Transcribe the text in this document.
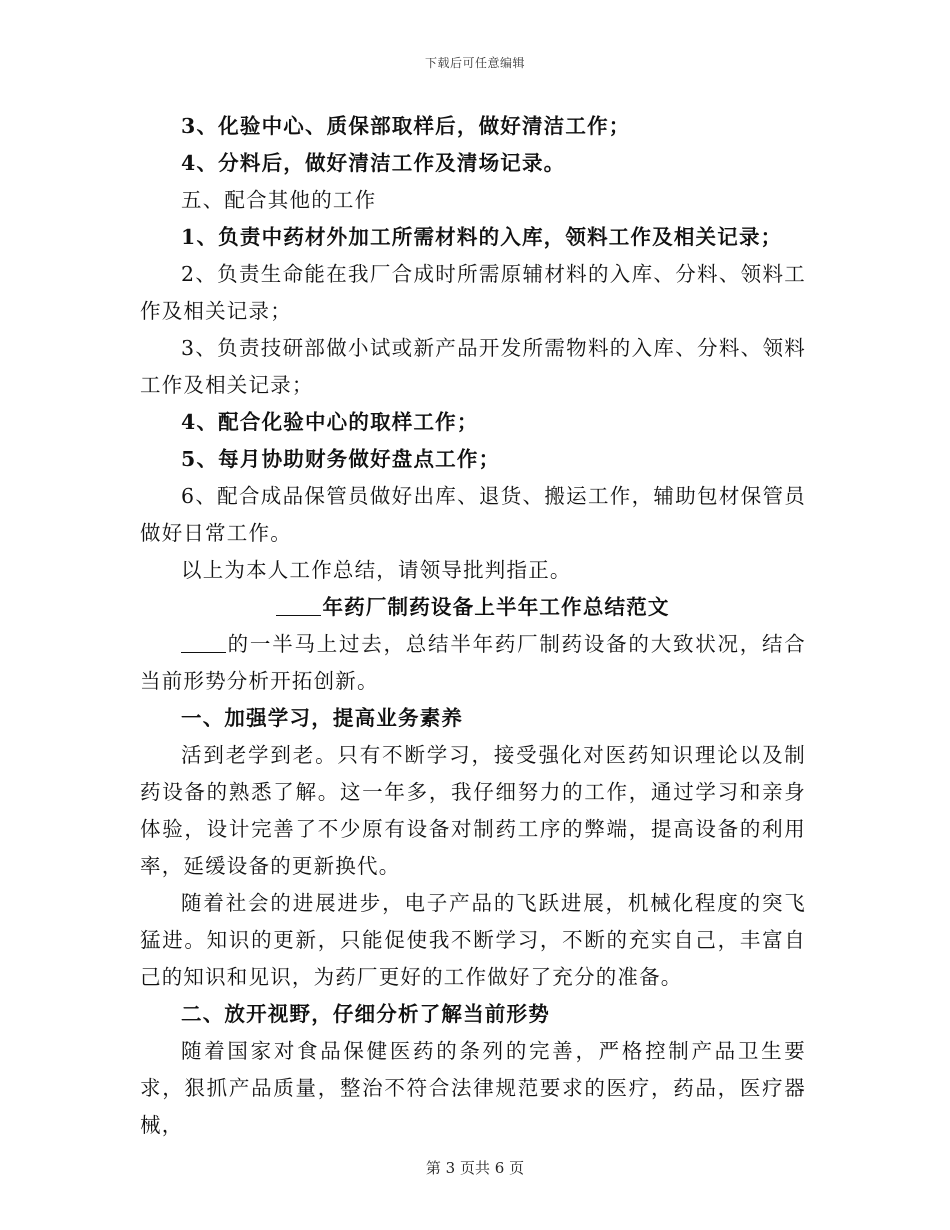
下载后可任意编辑

3、化验中心、质保部取样后，做好清洁工作；

4、分料后，做好清洁工作及清场记录。

五、配合其他的工作

1、负责中药材外加工所需材料的入库，领料工作及相关记录；

2、负责生命能在我厂合成时所需原辅材料的入库、分料、领料工作及相关记录；

3、负责技研部做小试或新产品开发所需物料的入库、分料、领料工作及相关记录；

4、配合化验中心的取样工作；

5、每月协助财务做好盘点工作；

6、配合成品保管员做好出库、退货、搬运工作，辅助包材保管员做好日常工作。

以上为本人工作总结，请领导批判指正。

年药厂制药设备上半年工作总结范文

的一半马上过去，总结半年药厂制药设备的大致状况，结合当前形势分析开拓创新。

一、加强学习，提高业务素养

活到老学到老。只有不断学习，接受强化对医药知识理论以及制药设备的熟悉了解。这一年多，我仔细努力的工作，通过学习和亲身体验，设计完善了不少原有设备对制药工序的弊端，提高设备的利用率，延缓设备的更新换代。

随着社会的进展进步，电子产品的飞跃进展，机械化程度的突飞猛进。知识的更新，只能促使我不断学习，不断的充实自己，丰富自己的知识和见识，为药厂更好的工作做好了充分的准备。

二、放开视野，仔细分析了解当前形势

随着国家对食品保健医药的条列的完善，严格控制产品卫生要求，狠抓产品质量，整治不符合法律规范要求的医疗，药品，医疗器械，

第 3 页共 6 页
